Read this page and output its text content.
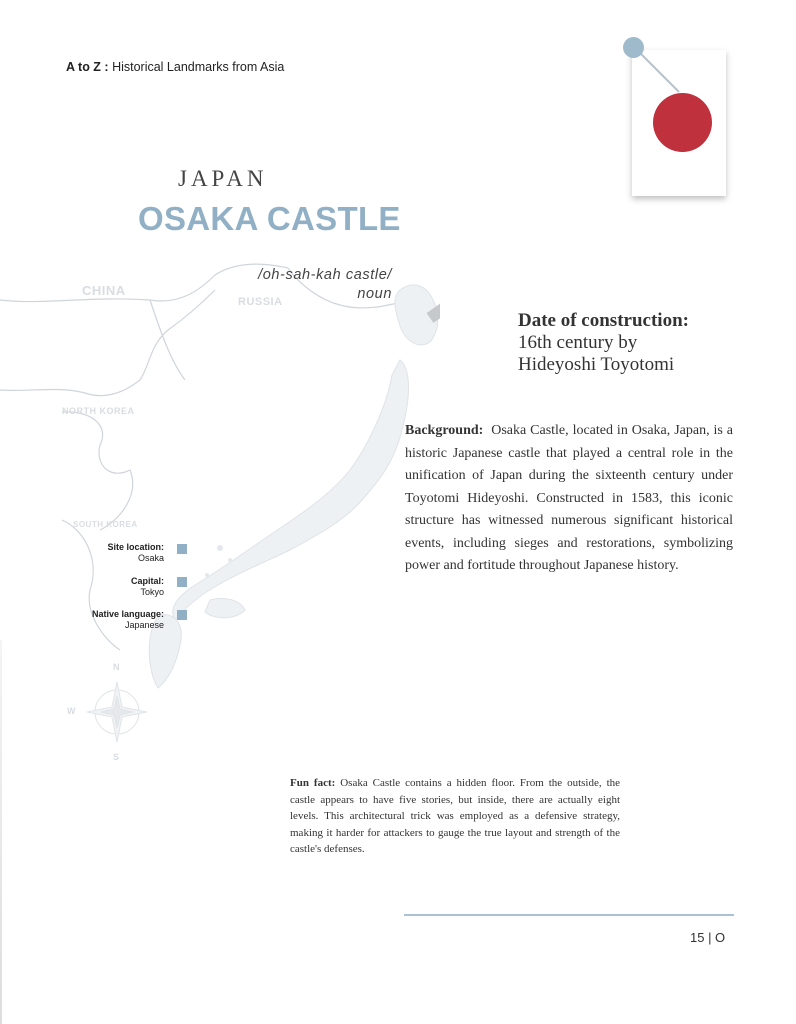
A to Z : Historical Landmarks from Asia
CHINA
RUSSIA
NORTH KOREA
SOUTH KOREA
N
W
S
JAPAN
OSAKA CASTLE
/oh-sah-kah castle/
noun
Date of construction:
16th century by
Hideyoshi Toyotomi
Background: Osaka Castle, located in Osaka, Japan, is a historic Japanese castle that played a central role in the unification of Japan during the sixteenth century under Toyotomi Hideyoshi. Constructed in 1583, this iconic structure has witnessed numerous significant historical events, including sieges and restorations, symbolizing power and fortitude throughout Japanese history.
Site location:
Osaka
Capital:
Tokyo
Native language:
Japanese
Fun fact: Osaka Castle contains a hidden floor. From the outside, the castle appears to have five stories, but inside, there are actually eight levels. This architectural trick was employed as a defensive strategy, making it harder for attackers to gauge the true layout and strength of the castle's defenses.
15 | O
